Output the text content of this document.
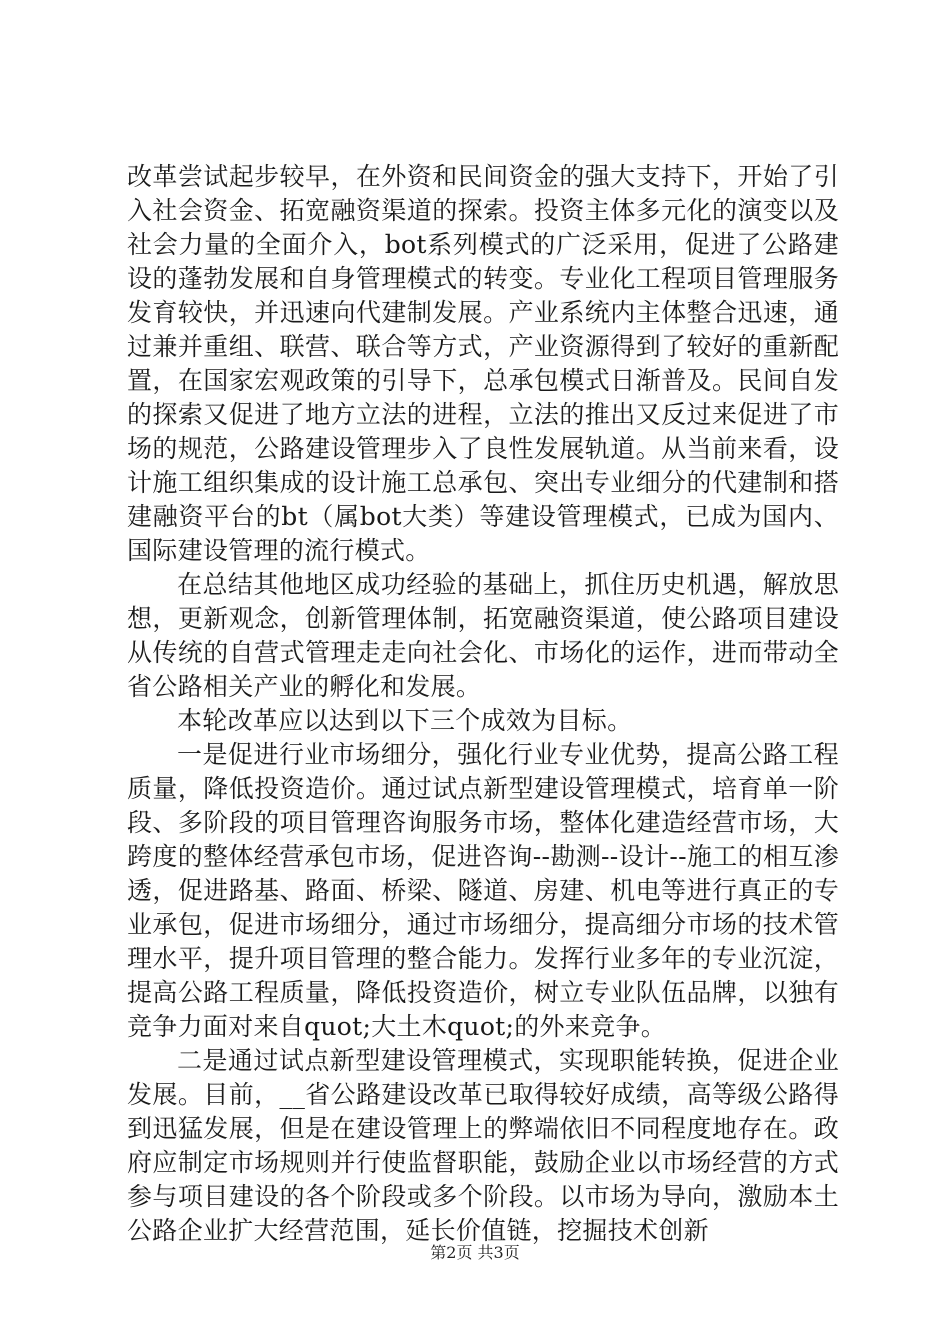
改革尝试起步较早，在外资和民间资金的强大支持下，开始了引入社会资金、拓宽融资渠道的探索。投资主体多元化的演变以及社会力量的全面介入，bot系列模式的广泛采用，促进了公路建设的蓬勃发展和自身管理模式的转变。专业化工程项目管理服务发育较快，并迅速向代建制发展。产业系统内主体整合迅速，通过兼并重组、联营、联合等方式，产业资源得到了较好的重新配置，在国家宏观政策的引导下，总承包模式日渐普及。民间自发的探索又促进了地方立法的进程，立法的推出又反过来促进了市场的规范，公路建设管理步入了良性发展轨道。从当前来看，设计施工组织集成的设计施工总承包、突出专业细分的代建制和搭建融资平台的bt（属bot大类）等建设管理模式，已成为国内、国际建设管理的流行模式。

在总结其他地区成功经验的基础上，抓住历史机遇，解放思想，更新观念，创新管理体制，拓宽融资渠道，使公路项目建设从传统的自营式管理走走向社会化、市场化的运作，进而带动全省公路相关产业的孵化和发展。

本轮改革应以达到以下三个成效为目标。

一是促进行业市场细分，强化行业专业优势，提高公路工程质量，降低投资造价。通过试点新型建设管理模式，培育单一阶段、多阶段的项目管理咨询服务市场，整体化建造经营市场，大跨度的整体经营承包市场，促进咨询--勘测--设计--施工的相互渗透，促进路基、路面、桥梁、隧道、房建、机电等进行真正的专业承包，促进市场细分，通过市场细分，提高细分市场的技术管理水平，提升项目管理的整合能力。发挥行业多年的专业沉淀，提高公路工程质量，降低投资造价，树立专业队伍品牌，以独有竞争力面对来自quot;大土木quot;的外来竞争。

二是通过试点新型建设管理模式，实现职能转换，促进企业发展。目前，__省公路建设改革已取得较好成绩，高等级公路得到迅猛发展，但是在建设管理上的弊端依旧不同程度地存在。政府应制定市场规则并行使监督职能，鼓励企业以市场经营的方式参与项目建设的各个阶段或多个阶段。以市场为导向，激励本土公路企业扩大经营范围，延长价值链，挖掘技术创新

第2页 共3页
